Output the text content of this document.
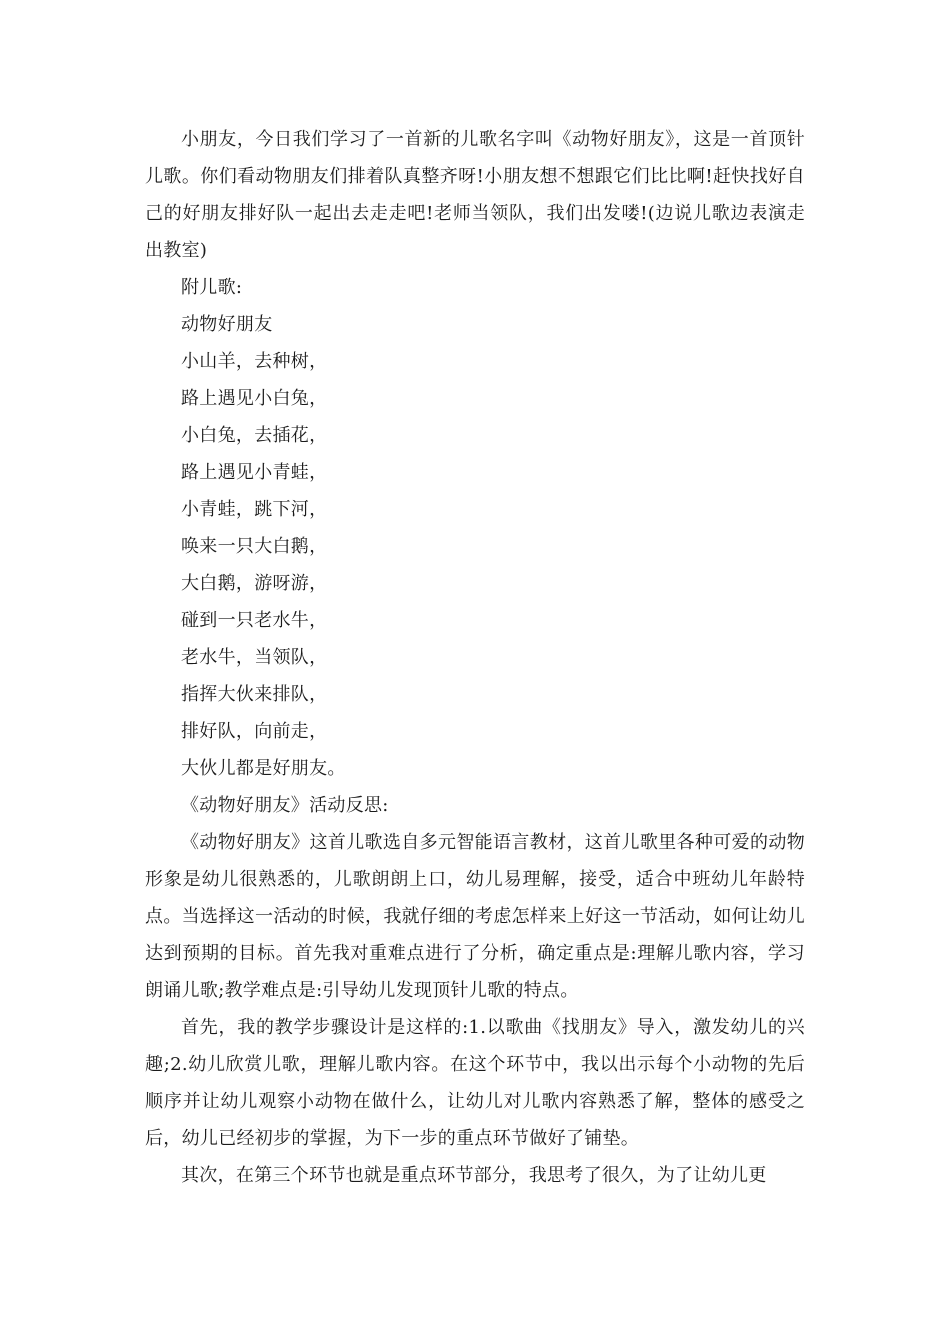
小朋友，今日我们学习了一首新的儿歌名字叫《动物好朋友》，这是一首顶针儿歌。你们看动物朋友们排着队真整齐呀!小朋友想不想跟它们比比啊!赶快找好自己的好朋友排好队一起出去走走吧!老师当领队，我们出发喽!(边说儿歌边表演走出教室)

附儿歌:

动物好朋友

小山羊，去种树，

路上遇见小白兔，

小白兔，去插花，

路上遇见小青蛙，

小青蛙，跳下河，

唤来一只大白鹅，

大白鹅，游呀游，

碰到一只老水牛，

老水牛，当领队，

指挥大伙来排队，

排好队，向前走，

大伙儿都是好朋友。

《动物好朋友》活动反思:

《动物好朋友》这首儿歌选自多元智能语言教材，这首儿歌里各种可爱的动物形象是幼儿很熟悉的，儿歌朗朗上口，幼儿易理解，接受，适合中班幼儿年龄特点。当选择这一活动的时候，我就仔细的考虑怎样来上好这一节活动，如何让幼儿达到预期的目标。首先我对重难点进行了分析，确定重点是:理解儿歌内容，学习朗诵儿歌;教学难点是:引导幼儿发现顶针儿歌的特点。

首先，我的教学步骤设计是这样的:1.以歌曲《找朋友》导入，激发幼儿的兴趣;2.幼儿欣赏儿歌，理解儿歌内容。在这个环节中，我以出示每个小动物的先后顺序并让幼儿观察小动物在做什么，让幼儿对儿歌内容熟悉了解，整体的感受之后，幼儿已经初步的掌握，为下一步的重点环节做好了铺垫。

其次，在第三个环节也就是重点环节部分，我思考了很久，为了让幼儿更
